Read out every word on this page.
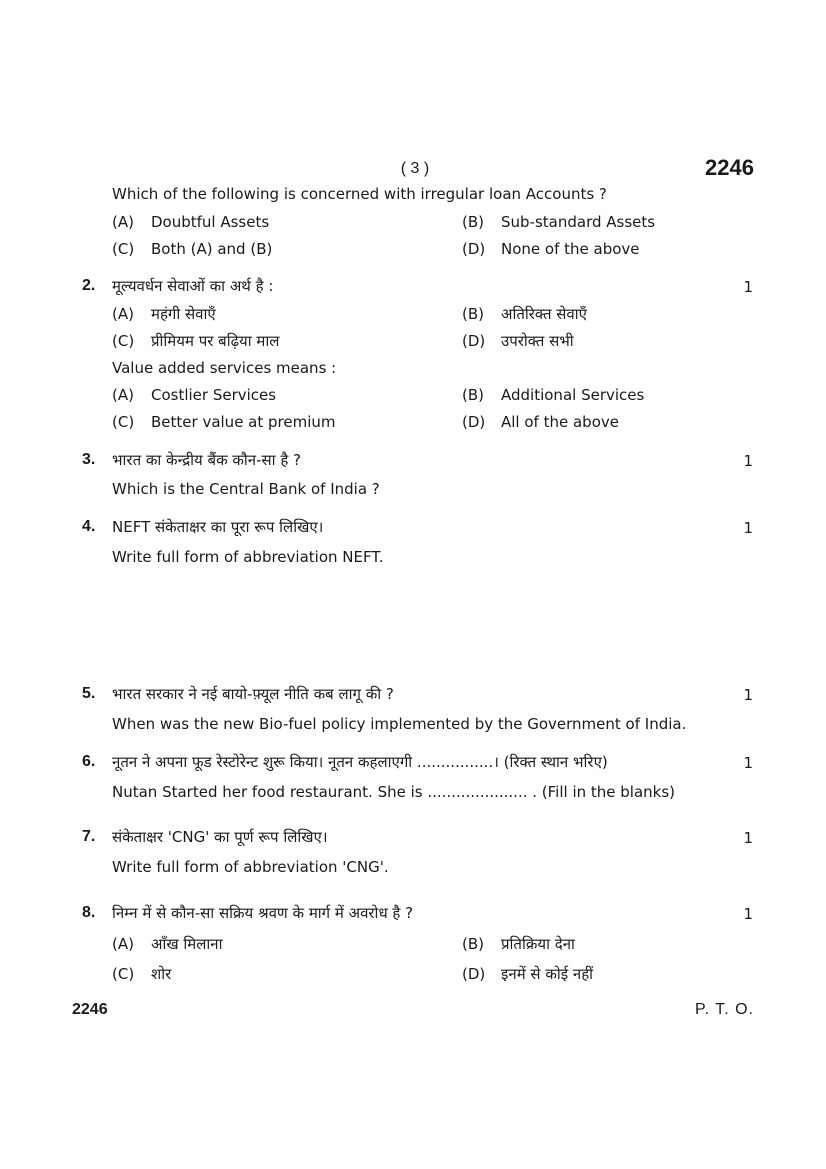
( 3 )	2246
Which of the following is concerned with irregular loan Accounts ?
(A) Doubtful Assets	(B) Sub-standard Assets
(C) Both (A) and (B)	(D) None of the above
2. मूल्यवर्धन सेवाओं का अर्थ है :	1
(A) महंगी सेवाएँ	(B) अतिरिक्त सेवाएँ
(C) प्रीमियम पर बढ़िया माल	(D) उपरोक्त सभी
Value added services means :
(A) Costlier Services	(B) Additional Services
(C) Better value at premium	(D) All of the above
3. भारत का केन्द्रीय बैंक कौन-सा है ?	1
Which is the Central Bank of India ?
4. NEFT संकेताक्षर का पूरा रूप लिखिए।	1
Write full form of abbreviation NEFT.
5. भारत सरकार ने नई बायो-फ़्यूल नीति कब लागू की ?	1
When was the new Bio-fuel policy implemented by the Government of India.
6. नूतन ने अपना फूड रेस्टोरेन्ट शुरू किया। नूतन कहलाएगी ................। (रिक्त स्थान भरिए)	1
Nutan Started her food restaurant. She is ..................... . (Fill in the blanks)
7. संकेताक्षर 'CNG' का पूर्ण रूप लिखिए।	1
Write full form of abbreviation 'CNG'.
8. निम्न में से कौन-सा सक्रिय श्रवण के मार्ग में अवरोध है ?	1
(A) आँख मिलाना	(B) प्रतिक्रिया देना
(C) शोर	(D) इनमें से कोई नहीं
2246	P. T. O.
